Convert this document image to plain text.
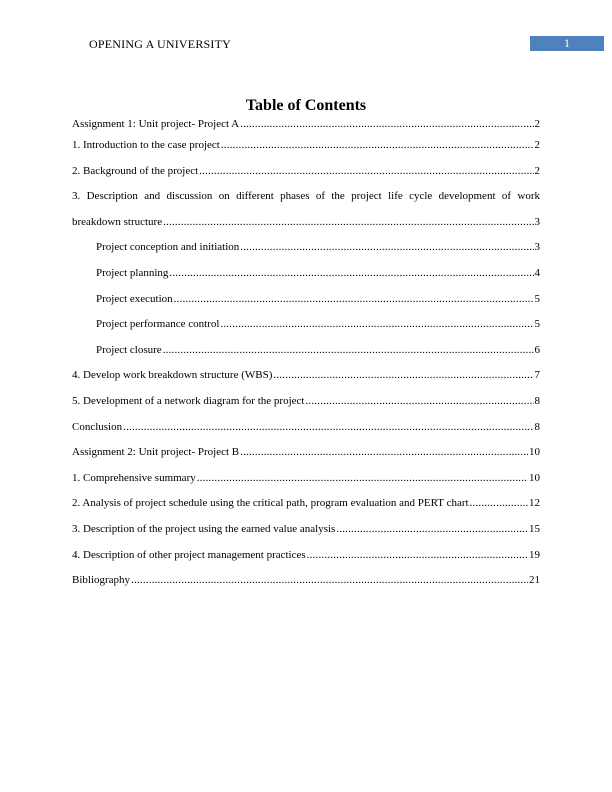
OPENING A UNIVERSITY	1
Table of Contents
Assignment 1: Unit project- Project A .....	2
1. Introduction to the case project .....	2
2. Background of the project .....	2
3. Description and discussion on different phases of the project life cycle development of work
breakdown structure .....	3
Project conception and initiation .....	3
Project planning .....	4
Project execution .....	5
Project performance control .....	5
Project closure .....	6
4. Develop work breakdown structure (WBS) .....	7
5. Development of a network diagram for the project .....	8
Conclusion .....	8
Assignment 2: Unit project- Project B .....	10
1. Comprehensive summary .....	10
2. Analysis of project schedule using the critical path, program evaluation and PERT chart .....	12
3. Description of the project using the earned value analysis .....	15
4. Description of other project management practices .....	19
Bibliography .....	21
